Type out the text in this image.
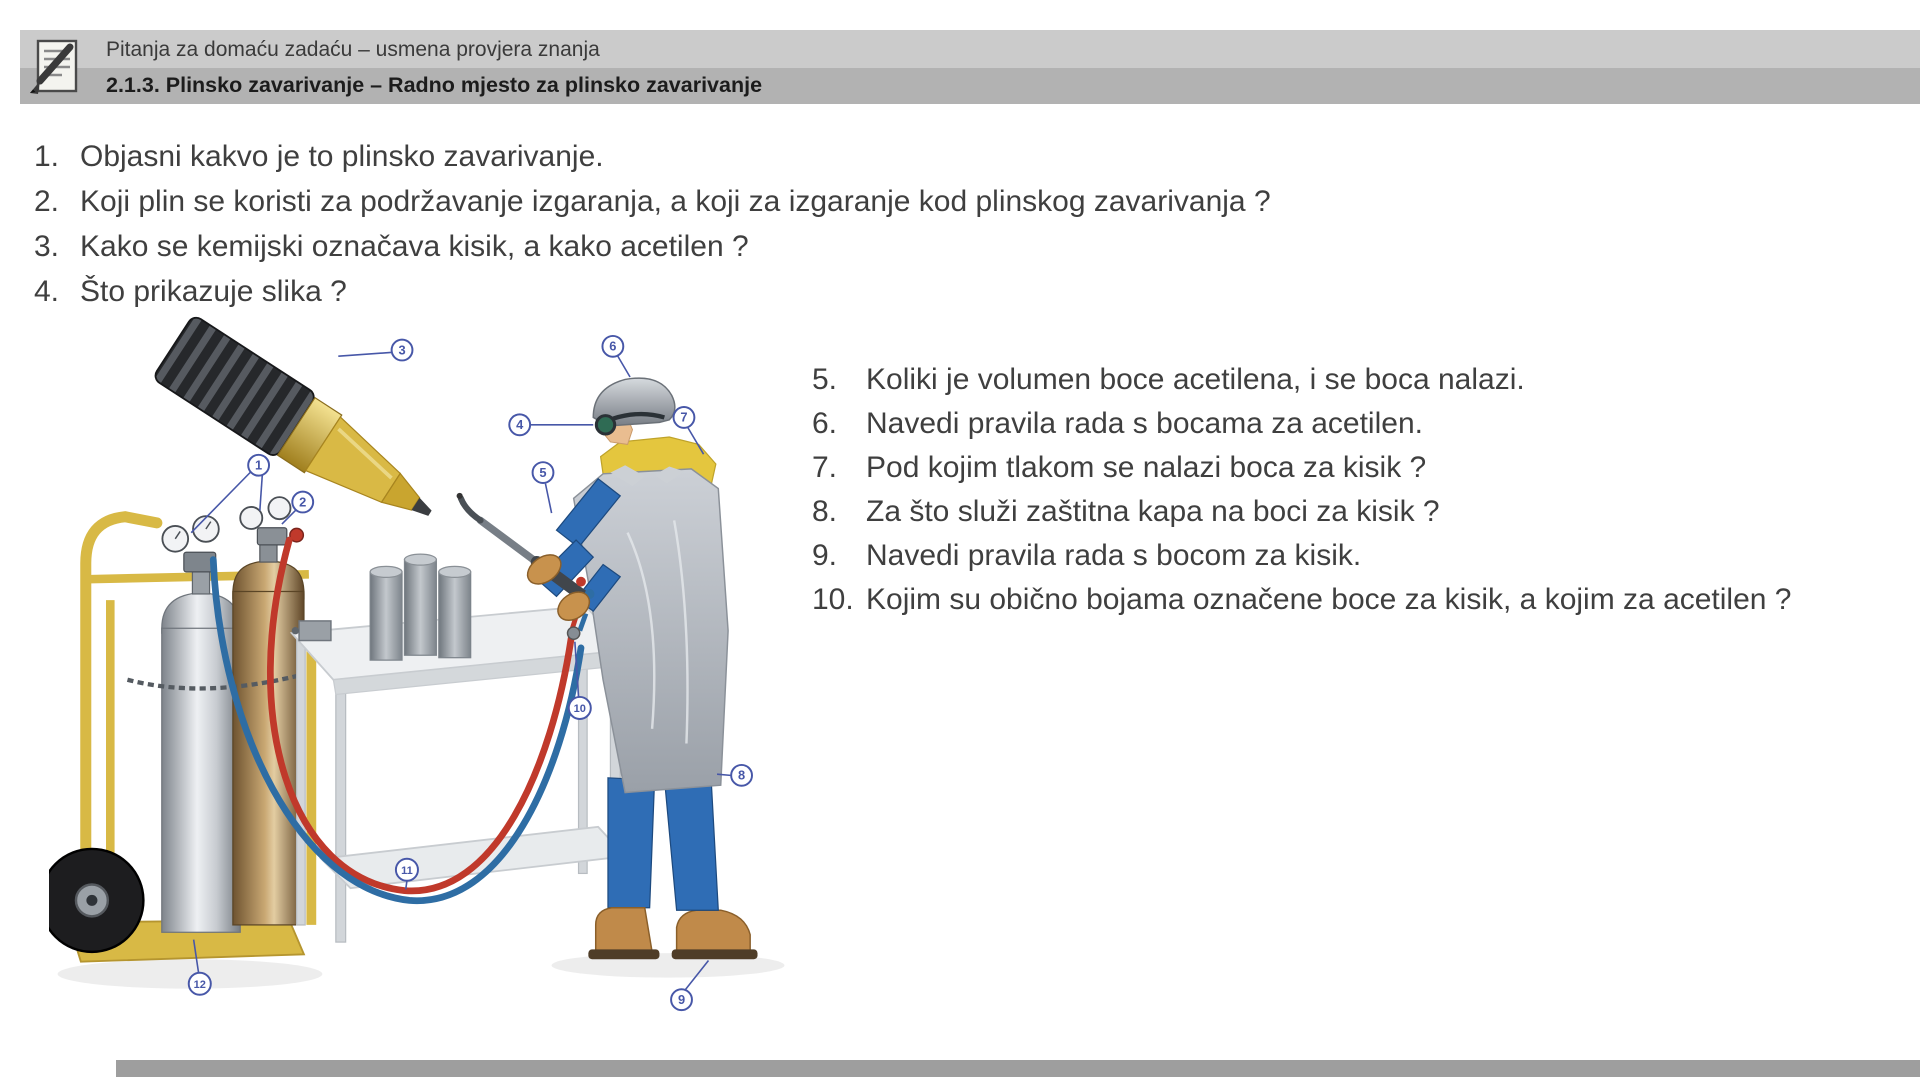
Pitanja za domaću zadaću – usmena provjera znanja
2.1.3. Plinsko zavarivanje – Radno mjesto za plinsko zavarivanje
1. Objasni kakvo je to plinsko zavarivanje.
2. Koji plin se koristi za podržavanje izgaranja, a koji za izgaranje kod plinskog zavarivanja ?
3. Kako se kemijski označava kisik, a kako acetilen ?
4. Što prikazuje slika ?
5. Koliki je volumen boce acetilena, i se boca nalazi.
6. Navedi pravila rada s bocama za acetilen.
7. Pod kojim tlakom se nalazi boca za kisik ?
8. Za što služi zaštitna kapa na boci za kisik ?
9. Navedi pravila rada s bocom za kisik.
10. Kojim su obično bojama označene boce za kisik, a kojim za acetilen ?
1
2
3
4
5
6
7
8
9
10
11
12
